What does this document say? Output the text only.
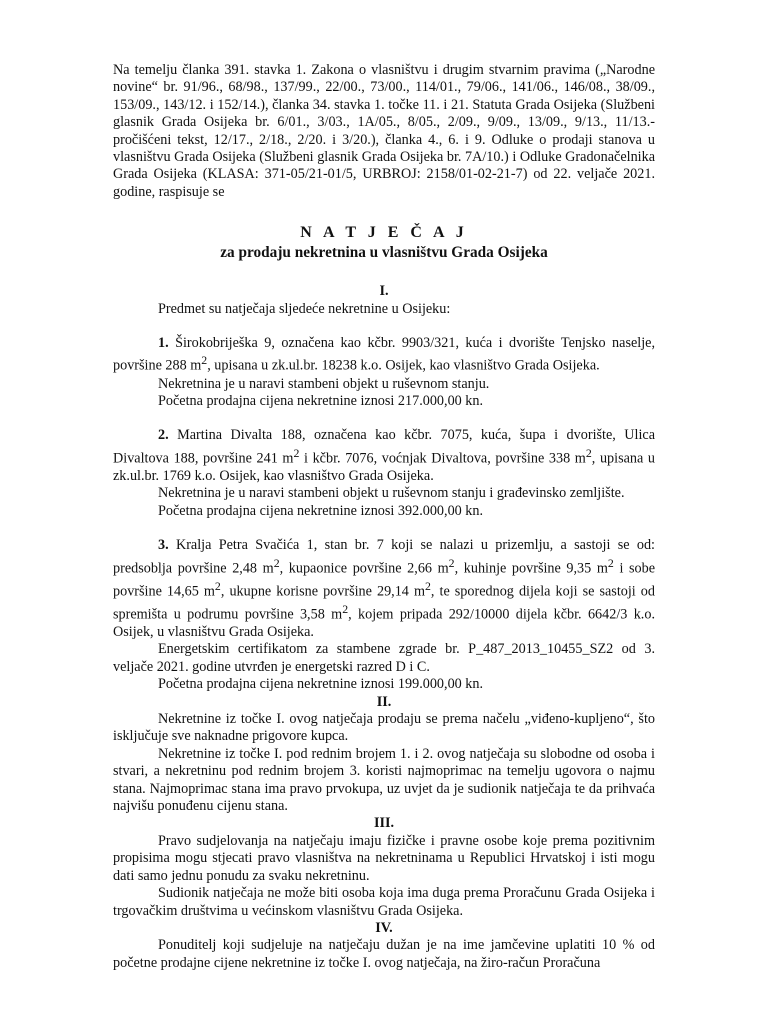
Na temelju članka 391. stavka 1. Zakona o vlasništvu i drugim stvarnim pravima („Narodne novine“ br. 91/96., 68/98., 137/99., 22/00., 73/00., 114/01., 79/06., 141/06., 146/08., 38/09., 153/09., 143/12. i 152/14.), članka 34. stavka 1. točke 11. i 21. Statuta Grada Osijeka (Službeni glasnik Grada Osijeka br. 6/01., 3/03., 1A/05., 8/05., 2/09., 9/09., 13/09., 9/13., 11/13.-pročišćeni tekst, 12/17., 2/18., 2/20. i 3/20.), članka 4., 6. i 9. Odluke o prodaji stanova u vlasništvu Grada Osijeka (Službeni glasnik Grada Osijeka br. 7A/10.) i Odluke Gradonačelnika Grada Osijeka (KLASA: 371-05/21-01/5, URBROJ: 2158/01-02-21-7) od 22. veljače 2021. godine, raspisuje se

N A T J E Č A J
za prodaju nekretnina u vlasništvu Grada Osijeka
I.

Predmet su natječaja sljedeće nekretnine u Osijeku:

1. Širokobriješka 9, označena kao kčbr. 9903/321, kuća i dvorište Tenjsko naselje, površine 288 $m^2$, upisana u zk.ul.br. 18238 k.o. Osijek, kao vlasništvo Grada Osijeka.

Nekretnina je u naravi stambeni objekt u ruševnom stanju.

Početna prodajna cijena nekretnine iznosi 217.000,00 kn.

2. Martina Divalta 188, označena kao kčbr. 7075, kuća, šupa i dvorište, Ulica Divaltova 188, površine 241 $m^2$ i kčbr. 7076, voćnjak Divaltova, površine 338 $m^2$, upisana u zk.ul.br. 1769 k.o. Osijek, kao vlasništvo Grada Osijeka.

Nekretnina je u naravi stambeni objekt u ruševnom stanju i građevinsko zemljište.

Početna prodajna cijena nekretnine iznosi 392.000,00 kn.

3. Kralja Petra Svačića 1, stan br. 7 koji se nalazi u prizemlju, a sastoji se od: predsoblja površine 2,48 $m^2$, kupaonice površine 2,66 $m^2$, kuhinje površine 9,35 $m^2$ i sobe površine 14,65 $m^2$, ukupne korisne površine 29,14 $m^2$, te sporednog dijela koji se sastoji od spremišta u podrumu površine 3,58 $m^2$, kojem pripada 292/10000 dijela kčbr. 6642/3 k.o. Osijek, u vlasništvu Grada Osijeka.

Energetskim certifikatom za stambene zgrade br. P_487_2013_10455_SZ2 od 3. veljače 2021. godine utvrđen je energetski razred D i C.

Početna prodajna cijena nekretnine iznosi 199.000,00 kn.

II.

Nekretnine iz točke I. ovog natječaja prodaju se prema načelu „viđeno-kupljeno“, što isključuje sve naknadne prigovore kupca.

Nekretnine iz točke I. pod rednim brojem 1. i 2. ovog natječaja su slobodne od osoba i stvari, a nekretninu pod rednim brojem 3. koristi najmoprimac na temelju ugovora o najmu stana. Najmoprimac stana ima pravo prvokupa, uz uvjet da je sudionik natječaja te da prihvaća najvišu ponuđenu cijenu stana.

III.

Pravo sudjelovanja na natječaju imaju fizičke i pravne osobe koje prema pozitivnim propisima mogu stjecati pravo vlasništva na nekretninama u Republici Hrvatskoj i isti mogu dati samo jednu ponudu za svaku nekretninu.

Sudionik natječaja ne može biti osoba koja ima duga prema Proračunu Grada Osijeka i trgovačkim društvima u većinskom vlasništvu Grada Osijeka.

IV.

Ponuditelj koji sudjeluje na natječaju dužan je na ime jamčevine uplatiti 10 % od početne prodajne cijene nekretnine iz točke I. ovog natječaja, na žiro-račun Proračuna
